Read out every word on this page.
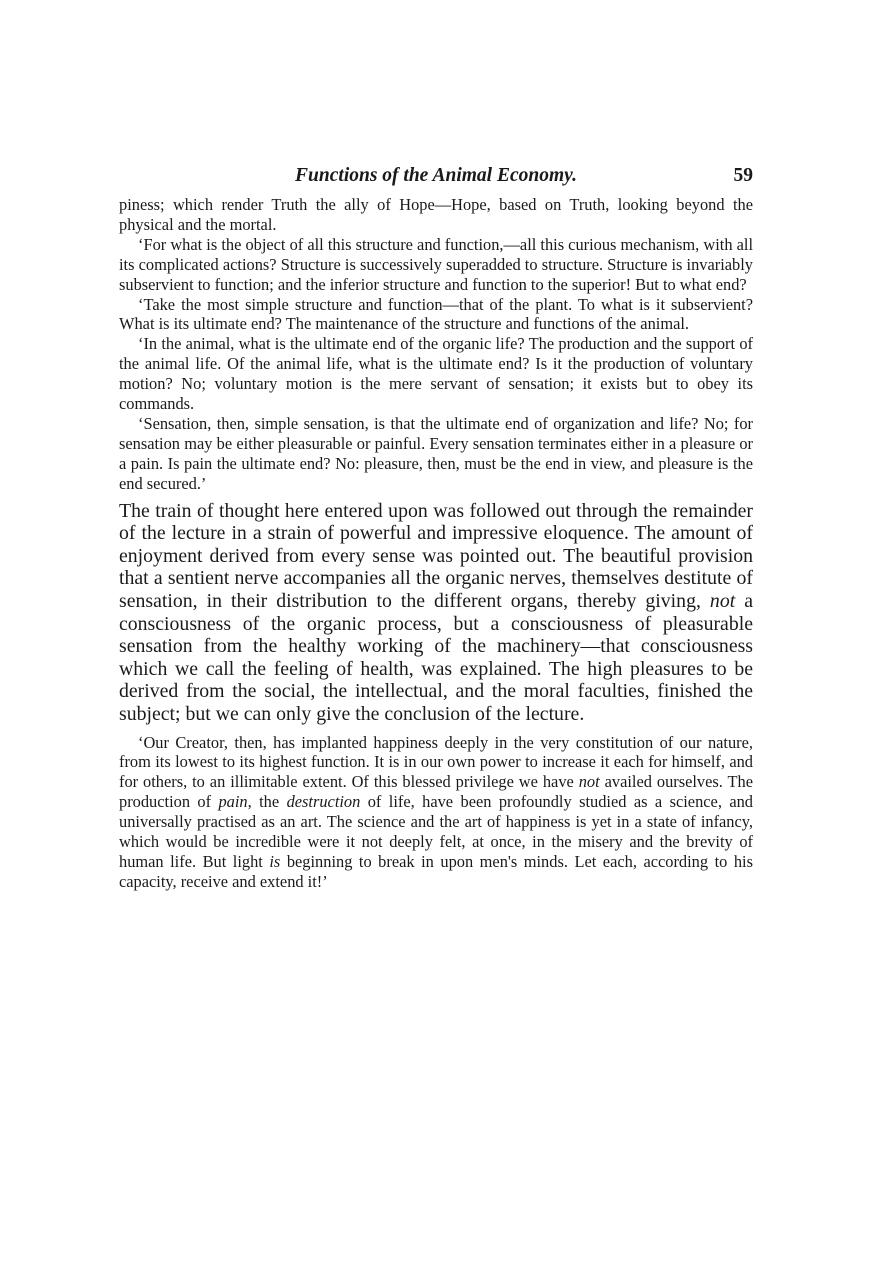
Functions of the Animal Economy.	59

piness; which render Truth the ally of Hope—Hope, based on Truth, looking beyond the physical and the mortal.

‘For what is the object of all this structure and function,—all this curious mechanism, with all its complicated actions? Structure is successively superadded to structure. Structure is invariably subservient to function; and the inferior structure and function to the superior! But to what end?

‘Take the most simple structure and function—that of the plant. To what is it subservient? What is its ultimate end? The maintenance of the structure and functions of the animal.

‘In the animal, what is the ultimate end of the organic life? The production and the support of the animal life. Of the animal life, what is the ultimate end? Is it the production of voluntary motion? No; voluntary motion is the mere servant of sensation; it exists but to obey its commands.

‘Sensation, then, simple sensation, is that the ultimate end of organization and life? No; for sensation may be either pleasurable or painful. Every sensation terminates either in a pleasure or a pain. Is pain the ultimate end? No: pleasure, then, must be the end in view, and pleasure is the end secured.’

The train of thought here entered upon was followed out through the remainder of the lecture in a strain of powerful and impressive eloquence. The amount of enjoyment derived from every sense was pointed out. The beautiful provision that a sentient nerve accompanies all the organic nerves, themselves destitute of sensation, in their distribution to the different organs, thereby giving, not a consciousness of the organic process, but a consciousness of pleasurable sensation from the healthy working of the machinery—that consciousness which we call the feeling of health, was explained. The high pleasures to be derived from the social, the intellectual, and the moral faculties, finished the subject; but we can only give the conclusion of the lecture.

‘Our Creator, then, has implanted happiness deeply in the very constitution of our nature, from its lowest to its highest function. It is in our own power to increase it each for himself, and for others, to an illimitable extent. Of this blessed privilege we have not availed ourselves. The production of pain, the destruction of life, have been profoundly studied as a science, and universally practised as an art. The science and the art of happiness is yet in a state of infancy, which would be incredible were it not deeply felt, at once, in the misery and the brevity of human life. But light is beginning to break in upon men's minds. Let each, according to his capacity, receive and extend it!’
